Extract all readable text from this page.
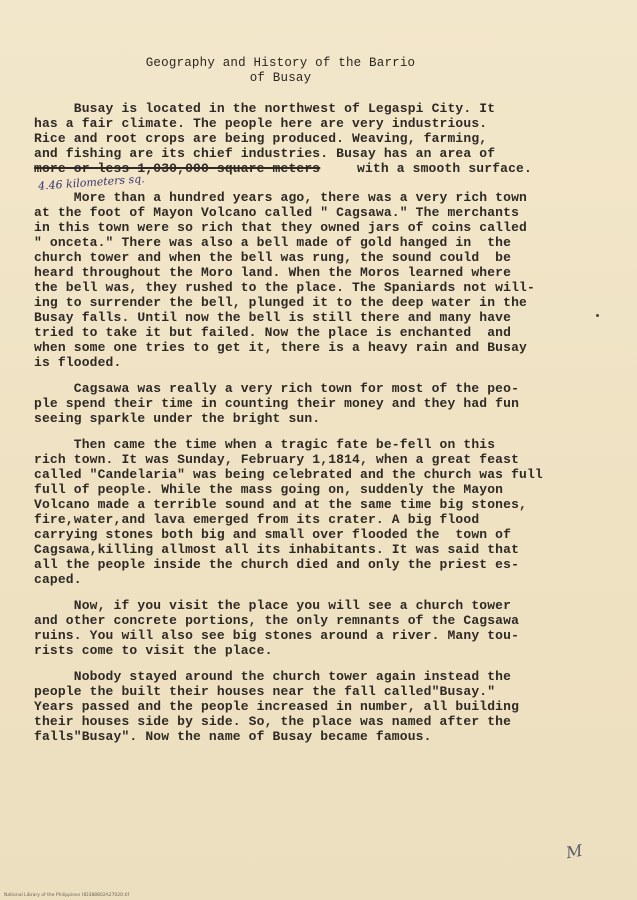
Geography and History of the Barrio
of Busay
Busay is located in the northwest of Legaspi City. It
has a fair climate. The people here are very industrious.
Rice and root crops are being produced. Weaving, farming,
and fishing are its chief industries. Busay has an area of
more or less 1,030,000 square meters	with a smooth surface.
4.46 kilometers sq.
More than a hundred years ago, there was a very rich town
at the foot of Mayon Volcano called " Cagsawa." The merchants
in this town were so rich that they owned jars of coins called
" onceta." There was also a bell made of gold hanged in  the
church tower and when the bell was rung, the sound could  be
heard throughout the Moro land. When the Moros learned where
the bell was, they rushed to the place. The Spaniards not will-
ing to surrender the bell, plunged it to the deep water in the
Busay falls. Until now the bell is still there and many have
tried to take it but failed. Now the place is enchanted  and
when some one tries to get it, there is a heavy rain and Busay
is flooded.
Cagsawa was really a very rich town for most of the peo-
ple spend their time in counting their money and they had fun
seeing sparkle under the bright sun.
Then came the time when a tragic fate be-fell on this
rich town. It was Sunday, February 1,1814, when a great feast
called "Candelaria" was being celebrated and the church was full
full of people. While the mass going on, suddenly the Mayon
Volcano made a terrible sound and at the same time big stones,
fire,water,and lava emerged from its crater. A big flood
carrying stones both big and small over flooded the  town of
Cagsawa,killing allmost all its inhabitants. It was said that
all the people inside the church died and only the priest es-
caped.
Now, if you visit the place you will see a church tower
and other concrete portions, the only remnants of the Cagsawa
ruins. You will also see big stones around a river. Many tou-
rists come to visit the place.
Nobody stayed around the church tower again instead the
people the built their houses near the fall called"Busay."
Years passed and the people increased in number, all building
their houses side by side. So, the place was named after the
falls"Busay". Now the name of Busay became famous.
M
National Library of the Philippines HD388802A27020.tif
